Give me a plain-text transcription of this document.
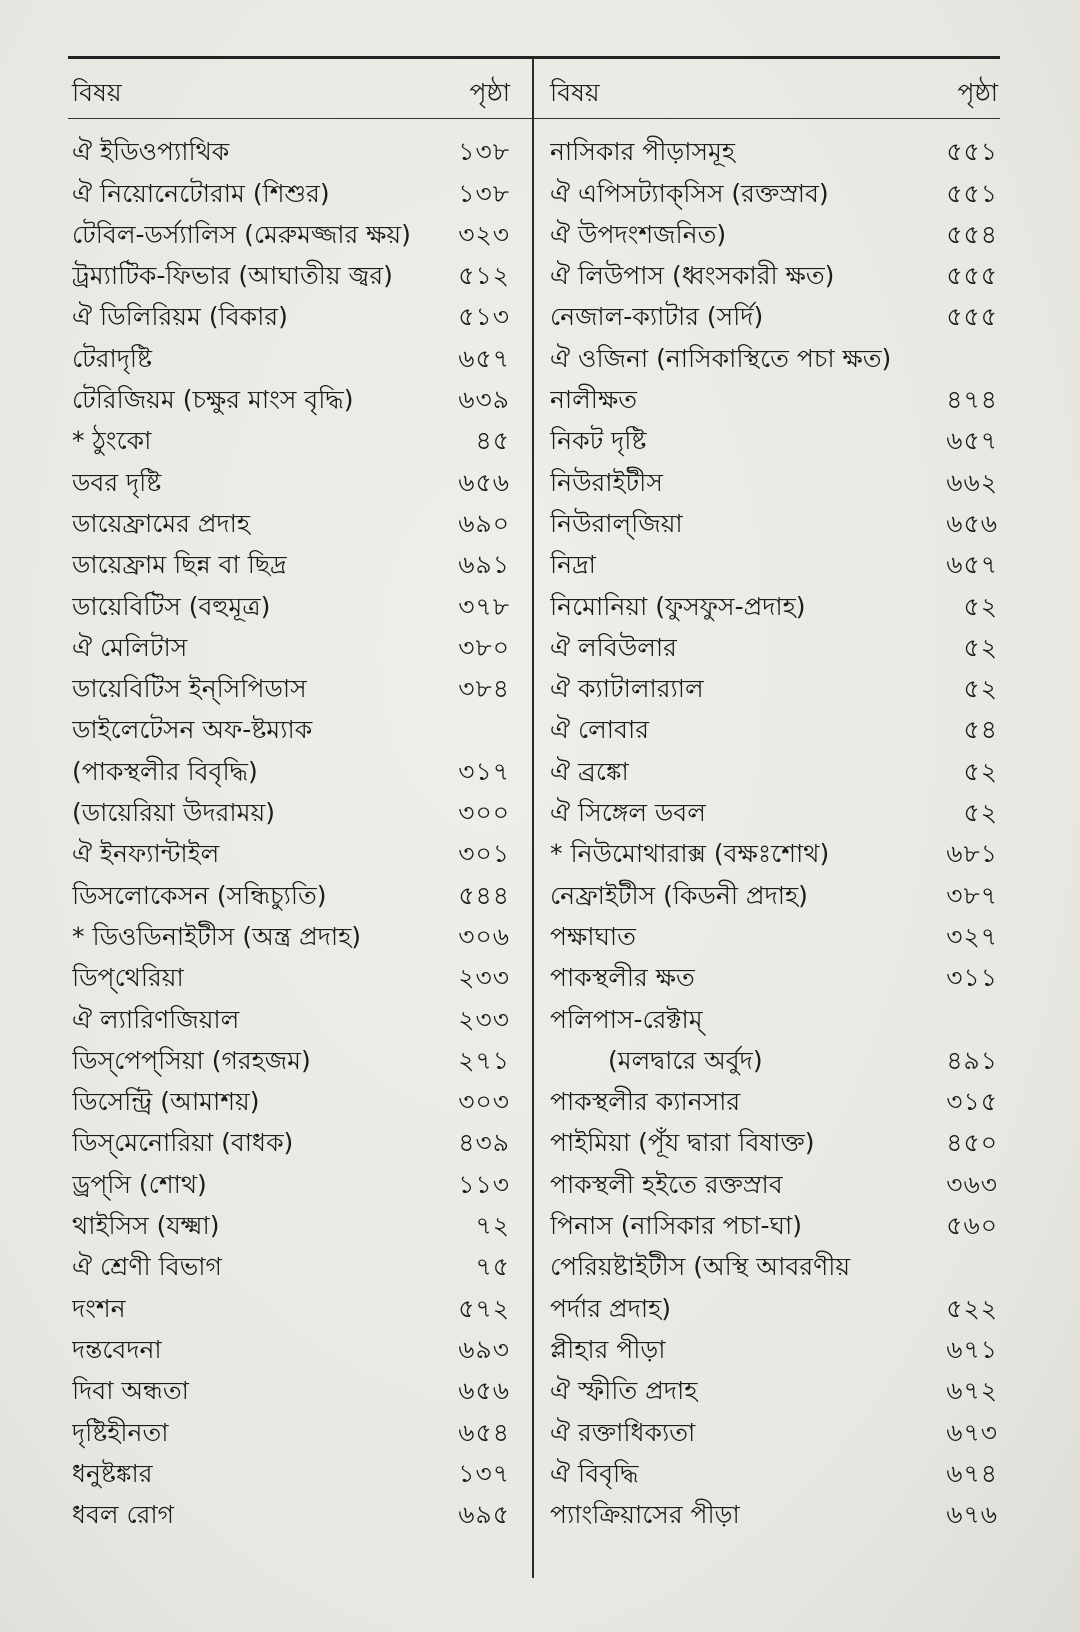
বিষয়	পৃষ্ঠা
ঐ ইডিওপ্যাথিক	১৩৮
ঐ নিয়োনেটোরাম (শিশুর)	১৩৮
টেবিল-ডর্স্যালিস (মেরুমজ্জার ক্ষয়)	৩২৩
ট্রম্যাটিক-ফিভার (আঘাতীয় জ্বর)	৫১২
ঐ ডিলিরিয়ম (বিকার)	৫১৩
টেরাদৃষ্টি	৬৫৭
টেরিজিয়ম (চক্ষুর মাংস বৃদ্ধি)	৬৩৯
* ঠুংকো	৪৫
ডবর দৃষ্টি	৬৫৬
ডায়েফ্রামের প্রদাহ	৬৯০
ডায়েফ্রাম ছিন্ন বা ছিদ্র	৬৯১
ডায়েবিটিস (বহুমূত্র)	৩৭৮
ঐ মেলিটাস	৩৮০
ডায়েবিটিস ইন্‌সিপিডাস	৩৮৪
ডাইলেটেসন অফ-ষ্টম্যাক
(পাকস্থলীর বিবৃদ্ধি)	৩১৭
(ডায়েরিয়া উদরাময়)	৩০০
ঐ ইনফ্যান্টাইল	৩০১
ডিসলোকেসন (সন্ধিচ্যুতি)	৫৪৪
* ডিওডিনাইটীস (অন্ত্র প্রদাহ)	৩০৬
ডিপ্‌থেরিয়া	২৩৩
ঐ ল্যারিণজিয়াল	২৩৩
ডিস্‌পেপ্‌সিয়া (গরহজম)	২৭১
ডিসেন্ট্রি (আমাশয়)	৩০৩
ডিস্‌মেনোরিয়া (বাধক)	৪৩৯
ড্রপ্‌সি (শোথ)	১১৩
থাইসিস (যক্ষ্মা)	৭২
ঐ শ্রেণী বিভাগ	৭৫
দংশন	৫৭২
দন্তবেদনা	৬৯৩
দিবা অন্ধতা	৬৫৬
দৃষ্টিহীনতা	৬৫৪
ধনুষ্টঙ্কার	১৩৭
ধবল রোগ	৬৯৫
বিষয়	পৃষ্ঠা
নাসিকার পীড়াসমূহ	৫৫১
ঐ এপিসট্যাক্‌সিস (রক্তস্রাব)	৫৫১
ঐ উপদংশজনিত)	৫৫৪
ঐ লিউপাস (ধ্বংসকারী ক্ষত)	৫৫৫
নেজাল-ক্যাটার (সর্দি)	৫৫৫
ঐ ওজিনা (নাসিকাস্থিতে পচা ক্ষত)
নালীক্ষত	৪৭৪
নিকট দৃষ্টি	৬৫৭
নিউরাইটীস	৬৬২
নিউরাল্‌জিয়া	৬৫৬
নিদ্রা	৬৫৭
নিমোনিয়া (ফুসফুস-প্রদাহ)	৫২
ঐ লবিউলার	৫২
ঐ ক্যাটালার‍্যাল	৫২
ঐ লোবার	৫৪
ঐ ব্রঙ্কো	৫২
ঐ সিঙ্গেল ডবল	৫২
* নিউমোথারাক্স (বক্ষঃশোথ)	৬৮১
নেফ্রাইটীস (কিডনী প্রদাহ)	৩৮৭
পক্ষাঘাত	৩২৭
পাকস্থলীর ক্ষত	৩১১
পলিপাস-রেক্টাম্‌
(মলদ্বারে অর্বুদ)	৪৯১
পাকস্থলীর ক্যানসার	৩১৫
পাইমিয়া (পূঁয দ্বারা বিষাক্ত)	৪৫০
পাকস্থলী হইতে রক্তস্রাব	৩৬৩
পিনাস (নাসিকার পচা-ঘা)	৫৬০
পেরিয়ষ্টাইটীস (অস্থি আবরণীয়
পর্দার প্রদাহ)	৫২২
প্লীহার পীড়া	৬৭১
ঐ স্ফীতি প্রদাহ	৬৭২
ঐ রক্তাধিক্যতা	৬৭৩
ঐ বিবৃদ্ধি	৬৭৪
প্যাংক্রিয়াসের পীড়া	৬৭৬
